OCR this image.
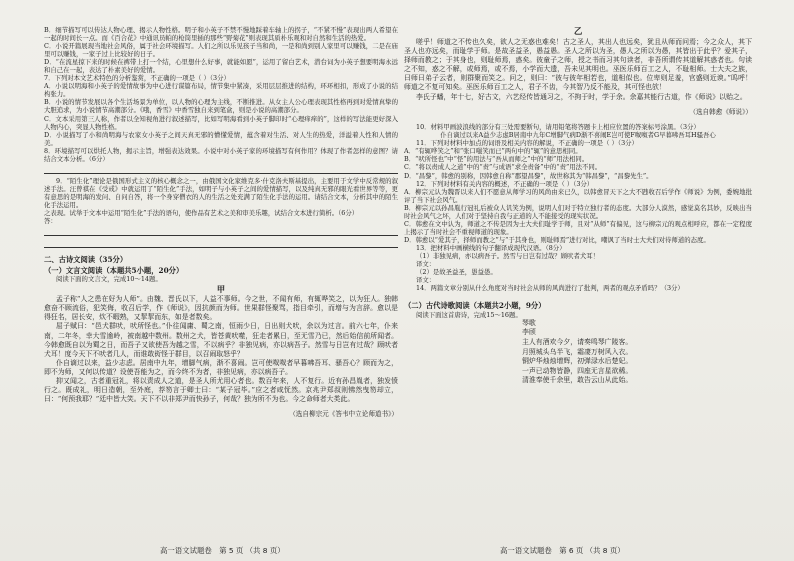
B．细节描写可以传达人物心理、揭示人物性格。明子和小英子不禁不慢地踩着车轴上的拐子，“不紧不慢”表现出两人希望在一起的时间长一点。而《百合花》中通讯员帕的枪筒里插的那些“野菊花”则表现其质朴乐观和对自然和生活的热爱。

C．小说开篇展现当地社会风俗，属于社会环境描写。人们之所以乐见孩子当和尚，一是和尚到别人家里可以赚钱，二是在庙里可以赚钱，一家子过上比较好的日子。

D．“在流星掠下来的时候在裤带上打一个结，心里想什么好事，就能如愿”，运用了留白艺术，潜台词为小英子想要明海永远和自己在一起，表达了朴素美好的爱情。

7．下列对本文艺术特色的分析鉴赏，不正确的一项是（ ）（3分）

A．小说以明海和小英子的爱情故事为中心进行谋篇布局，情节集中紧凑，采用层层推进的结构，环环相扣，形成了小说的结构张力。

B．小说的情节发展以各个生活场景为单位，以人物的心理为主线，不断推进。从女主人公心理表现其性格再到对爱情真挚的大胆追求，为小说情节高潮部分。《哦，香雪》中香雪独自来到笔盒，则是小说的高潮部分。

C．文本采用第三人称，作者以全知视角进行叙述描写，比如写明海看到小英子脚印时“心理痒痒的”，这样的写法能更好深入人物内心，突显人物性格。

D．小说描写了小和尚明海与农家女小英子之间天真无邪的懵懂爱情，蕴含着对生活、对人生的热爱，洋溢着人性和人情的美。

8．环境描写可以烘托人物，揭示主旨，增强表达效果。小说中对小英子家的环境描写有何作用？体现了作者怎样的意图？请结合文本分析。（6分）

9．“陌生化”理论是俄国形式主义的核心概念之一，由俄国文化家维克多·什克洛夫斯基提出，主要用于文学中反常规的叙述手法。汪曾祺在《受戒》中就运用了“陌生化”手法，如明子与小英子之间的爱情描写，以及纯真无邪的眼光看世界等等，更有意思的是明海的发问、自问自答，将一个身穿僧衣的人的生活之处充满了陌生化手法的运用。请结合文本，分析其中的陌生化手法运用。

之表现。试举于文本中运用“陌生化”手法的语句，使作品有艺术之美和审美乐趣，试结合文本进行简析。（6分）

答：

二、古诗文阅读（35分）

（一）文言文阅读（本题共5小题，20分）

阅读下面的文言文，完成10～14题。

甲

孟子称“人之患在好为人师”。由魏、晋氏以下，人益不事师。今之世，不闻有师，有辄哗笑之，以为狂人。独韩愈奋不顾流俗，犯笑侮，收召后学，作《师说》，因抗颜而为师。世果群怪聚骂，指目牵引，而增与为言辞。愈以是得狂名，居长安，炊不暇熟，又挈挈而东，如是者数矣。

屈子赋曰：“邑犬群吠，吠所怪也。”仆往闻庸、蜀之南，恒雨少日，日出则犬吠，余以为过言。前六七年，仆来南，二年冬，幸大雪逾岭，被南越中数州。数州之犬，皆苍黄吠噬，狂走者累日，至无雪乃已，然后始信前所闻者。今韩愈既自以为蜀之日，而吾子又欲使吾为越之雪，不以病乎？非独见病，亦以病吾子。然雪与日岂有过哉？顾吠者犬耳！度今天下不吠者几人，而谁敢衒怪于群目，以召闹取怒乎？

仆自谪过以来，益少志虑。居南中九年，增脚气病，渐不喜闹。岂可使呶呶者早暮咈吾耳、骚吾心？顾而为之，即不为师，又何以传道？设使吾能为之，而今终不为者，非独见病，亦以病吾子。

抑又闻之，古者重冠礼，将以责成人之道，是圣人所尤用心者也。数百年来，人不复行。近有孙昌胤者，独发愤行之。既成礼，明日造朝，至外庭，荐笏言于卿士曰：“某子冠毕。”应之者咸怃然。京兆尹郑叔则怫然曳笏却立，曰：“何预我耶？”廷中皆大笑。天下不以非郑尹而快孙子，何哉？独为所不为也。今之命师者大类此。

（选自柳宗元《答韦中立论师道书》）

乙

嗟乎！师道之不传也久矣，欲人之无惑也难矣！古之圣人，其出人也远矣，犹且从师而问焉；今之众人，其下圣人也亦远矣，而耻学于师。是故圣益圣，愚益愚。圣人之所以为圣，愚人之所以为愚，其皆出于此乎？爱其子，择师而教之；于其身也，则耻师焉，惑矣。彼童子之师，授之书而习其句读者，非吾所谓传其道解其惑者也。句读之不知，惑之不解，或师焉，或不焉，小学而大遗，吾未见其明也。巫医乐师百工之人，不耻相师。士大夫之族，曰师曰弟子云者，则群聚而笑之。问之，则曰：“彼与彼年相若也，道相似也。位卑则足羞，官盛则近谀。”呜呼！师道之不复可知矣。巫医乐师百工之人，君子不齿，今其智乃反不能及，其可怪也欤！

李氏子蟠，年十七，好古文，六艺经传皆通习之，不拘于时，学于余。余嘉其能行古道，作《师说》以贻之。

（选自韩愈《师说》）

10．材料甲画波浪线的部分有三处需要断句，请用铅笔将答题卡上相应位置的答案标号涂黑。（3分）

仆自谪过以来A益少志虑B居南中九年C增脚气病D渐不喜闹E岂可使F呶呶者G早暮咈吾耳H骚吾心

11．下列对材料中加点的词语及相关内容的解说，不正确的一项是（ ）（3分）

A．“有辄哗笑之”和“张口嗤笑而已”两句中的“辄”的意思相同。

B．“吠所怪也”中“怪”的用法与“吾从而师之”中的“师”用法相同。

C．“将以责成人之道”中的“责”与成语“求全责备”中的“责”用法不同。

D．“昌黎”，韩愈的别称，因韩愈自称“郡望昌黎”，故世称其为“韩昌黎”，“昌黎先生”。

12．下列对材料有关内容的概述，不正确的一项是（ ）（3分）

A．柳宗元认为魏晋以来人们不愿意从师学习的风尚由来已久，以韩愈冒天下之大不韪收召后学作《师说》为例，委婉地批评了当下社会风气。

B．柳宗元以孙昌胤行冠礼后被众人讥笑为例，说明人们对于特立独行者的态度。大部分人漠然，感觉莫名其妙，反映出当时社会风气之坏，人们对于坚持自我与正道的人不能接受的现实状况。

C．韩愈在文中认为，师道之不传是因为士大夫们耻学于师，且对“从师”有偏见，这与柳宗元的观点相呼应，都在一定程度上揭示了当时社会不重视师道的现象。

D．韩愈以“爱其子，择师而教之”与“于其身也，则耻师焉”进行对比，嘲讽了当时士大夫们对待师道的态度。

13．把材料中画横线的句子翻译成现代汉语。（8分）

（1）非独见病，亦以病吾子。然雪与日岂有过哉？顾吠者犬耳！

译文：

（2）是故圣益圣，愚益愚。

译文：

14．两篇文章分别从什么角度对当时社会从师的风尚进行了批判，两者的观点矛盾吗？（3分）

（二）古代诗歌阅读（本题共2小题，9分）

阅读下面这首唐诗，完成15～16题。

琴歌

李颀

主人有酒欢今夕，请奏鸣琴广陵客。

月照城头乌半飞，霜凄万树风入衣。

铜炉华烛烛增辉，初弹渌水后楚妃。

一声已动物皆静，四座无言星欲稀。

清淮奉使千余里，敢告云山从此始。

高一语文试题卷　第 5 页 （共 8 页）	高一语文试题卷　第 6 页 （共 8 页）
